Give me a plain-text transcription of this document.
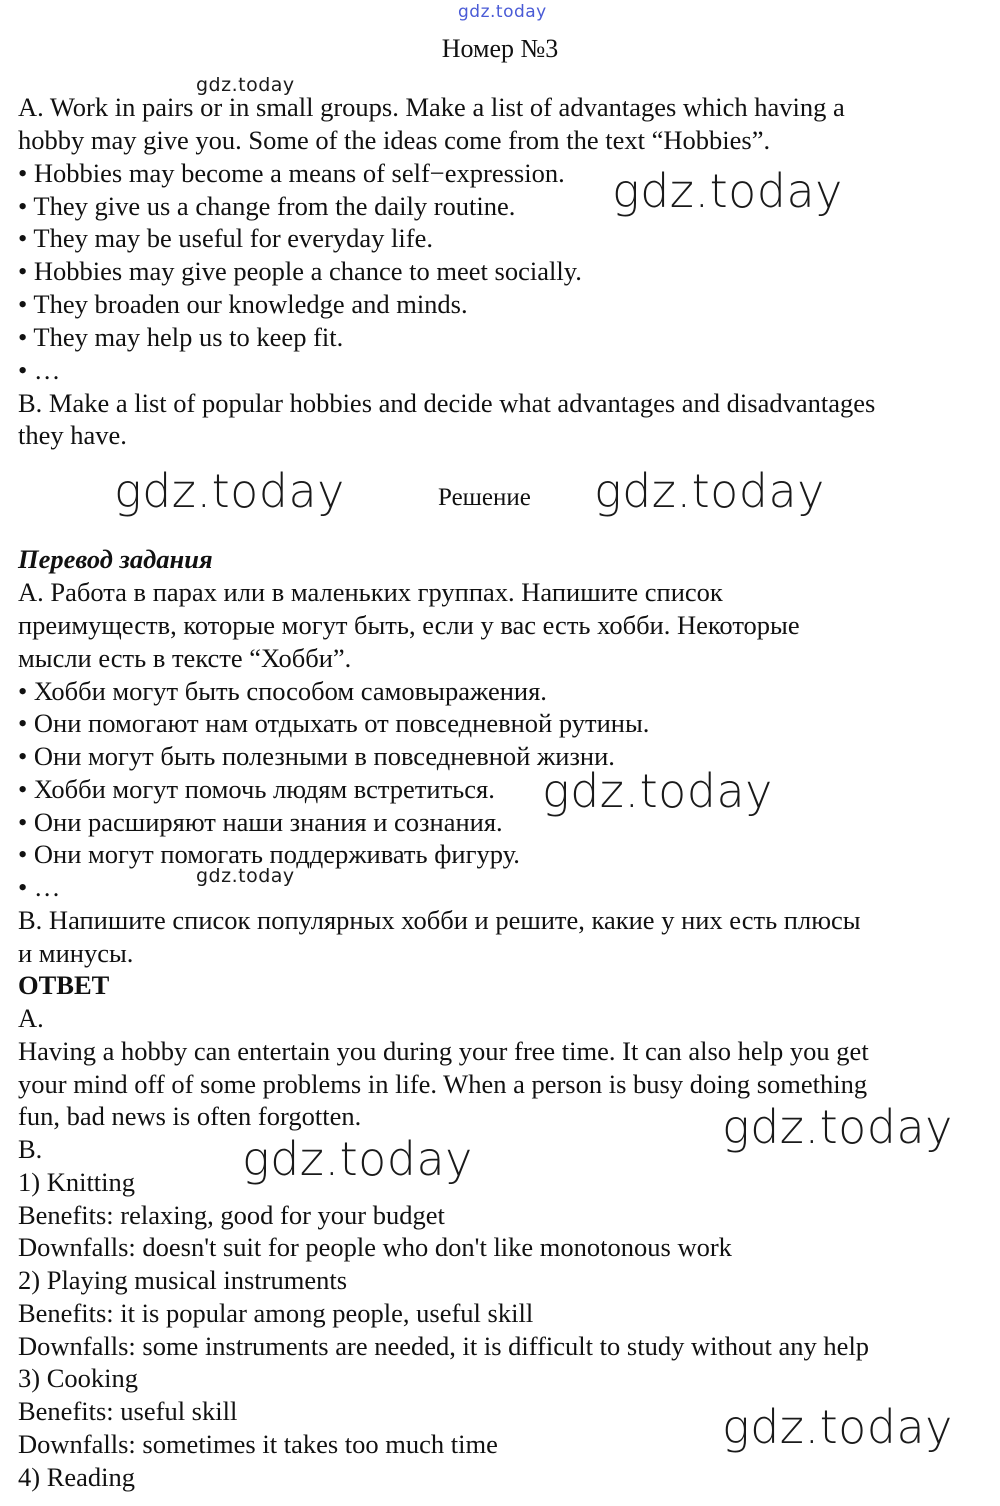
gdz.today
gdz.today
gdz.today
gdz.today	gdz.today
gdz.today
gdz.today
gdz.today
gdz.today
gdz.today
Номер №3
A. Work in pairs or in small groups. Make a list of advantages which having a
hobby may give you. Some of the ideas come from the text “Hobbies”.
• Hobbies may become a means of self−expression.
• They give us a change from the daily routine.
• They may be useful for everyday life.
• Hobbies may give people a chance to meet socially.
• They broaden our knowledge and minds.
• They may help us to keep fit.
• …
B. Make a list of popular hobbies and decide what advantages and disadvantages
they have.
Решение
Перевод задания
A. Работа в парах или в маленьких группах. Напишите список
преимуществ, которые могут быть, если у вас есть хобби. Некоторые
мысли есть в тексте “Хобби”.
• Хобби могут быть способом самовыражения.
• Они помогают нам отдыхать от повседневной рутины.
• Они могут быть полезными в повседневной жизни.
• Хобби могут помочь людям встретиться.
• Они расширяют наши знания и сознания.
• Они могут помогать поддерживать фигуру.
• …
B. Напишите список популярных хобби и решите, какие у них есть плюсы
и минусы.
ОТВЕТ
A.
Having a hobby can entertain you during your free time. It can also help you get
your mind off of some problems in life. When a person is busy doing something
fun, bad news is often forgotten.
B.
1) Knitting
Benefits: relaxing, good for your budget
Downfalls: doesn't suit for people who don't like monotonous work
2) Playing musical instruments
Benefits: it is popular among people, useful skill
Downfalls: some instruments are needed, it is difficult to study without any help
3) Cooking
Benefits: useful skill
Downfalls: sometimes it takes too much time
4) Reading
